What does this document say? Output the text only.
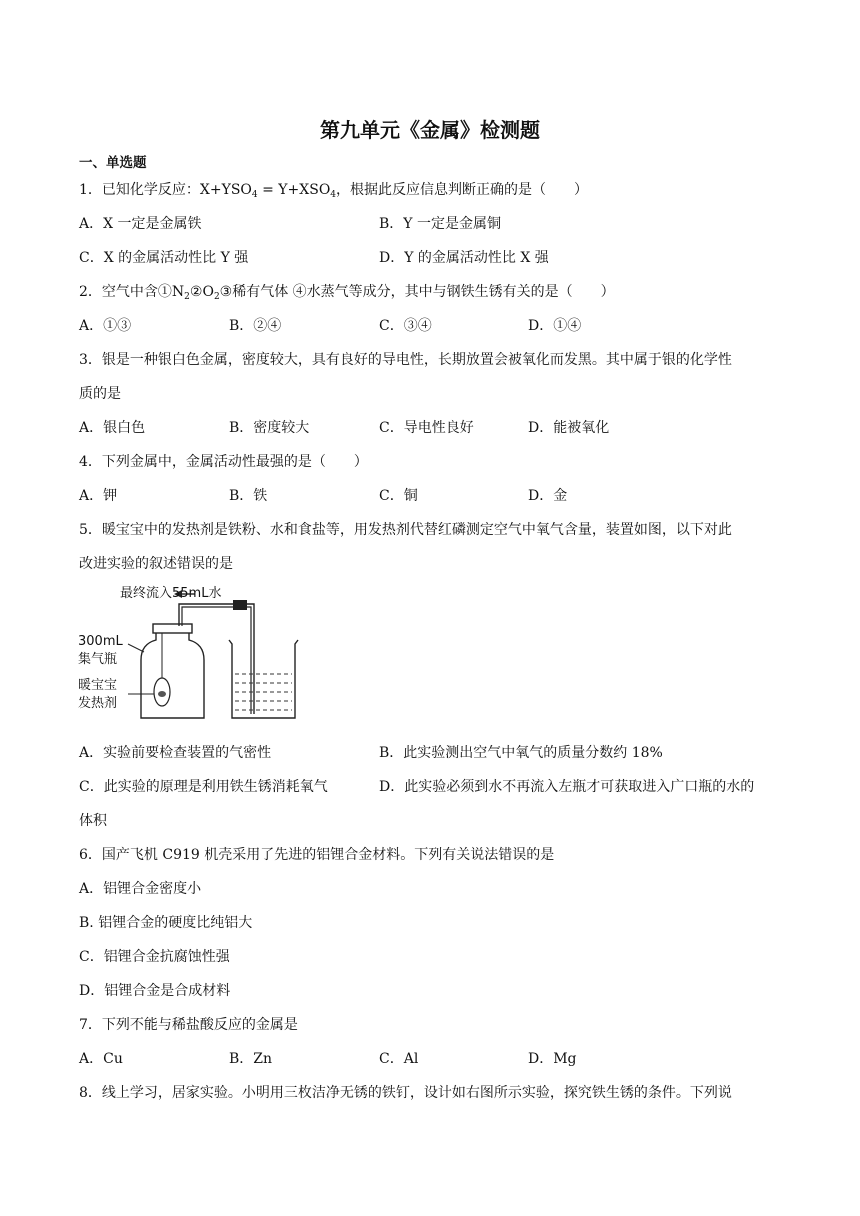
第九单元《金属》检测题
一、单选题
1．已知化学反应：$X+YSO_4 = Y+XSO_4$，根据此反应信息判断正确的是（　　）
A．X 一定是金属铁	B．Y 一定是金属铜
C．X 的金属活动性比 Y 强	D．Y 的金属活动性比 X 强
2．空气中含$①N_2②O_2③$稀有气体 ④水蒸气等成分，其中与钢铁生锈有关的是（　　）
A．①③	B．②④	C．③④	D．①④
3．银是一种银白色金属，密度较大，具有良好的导电性，长期放置会被氧化而发黑。其中属于银的化学性
质的是
A．银白色	B．密度较大	C．导电性良好	D．能被氧化
4．下列金属中，金属活动性最强的是（　　）
A．钾	B．铁	C．铜	D．金
5．暖宝宝中的发热剂是铁粉、水和食盐等，用发热剂代替红磷测定空气中氧气含量，装置如图，以下对此
改进实验的叙述错误的是
最终流入55mL水
300mL
集气瓶
暖宝宝
发热剂
A．实验前要检查装置的气密性	B．此实验测出空气中氧气的质量分数约 18%
C．此实验的原理是利用铁生锈消耗氧气	D．此实验必须到水不再流入左瓶才可获取进入广口瓶的水的
体积
6．国产飞机 C919 机壳采用了先进的铝锂合金材料。下列有关说法错误的是
A．铝锂合金密度小
B. 铝锂合金的硬度比纯铝大
C．铝锂合金抗腐蚀性强
D．铝锂合金是合成材料
7．下列不能与稀盐酸反应的金属是
A．Cu	B．Zn	C．Al	D．Mg
8．线上学习，居家实验。小明用三枚洁净无锈的铁钉，设计如右图所示实验，探究铁生锈的条件。下列说
